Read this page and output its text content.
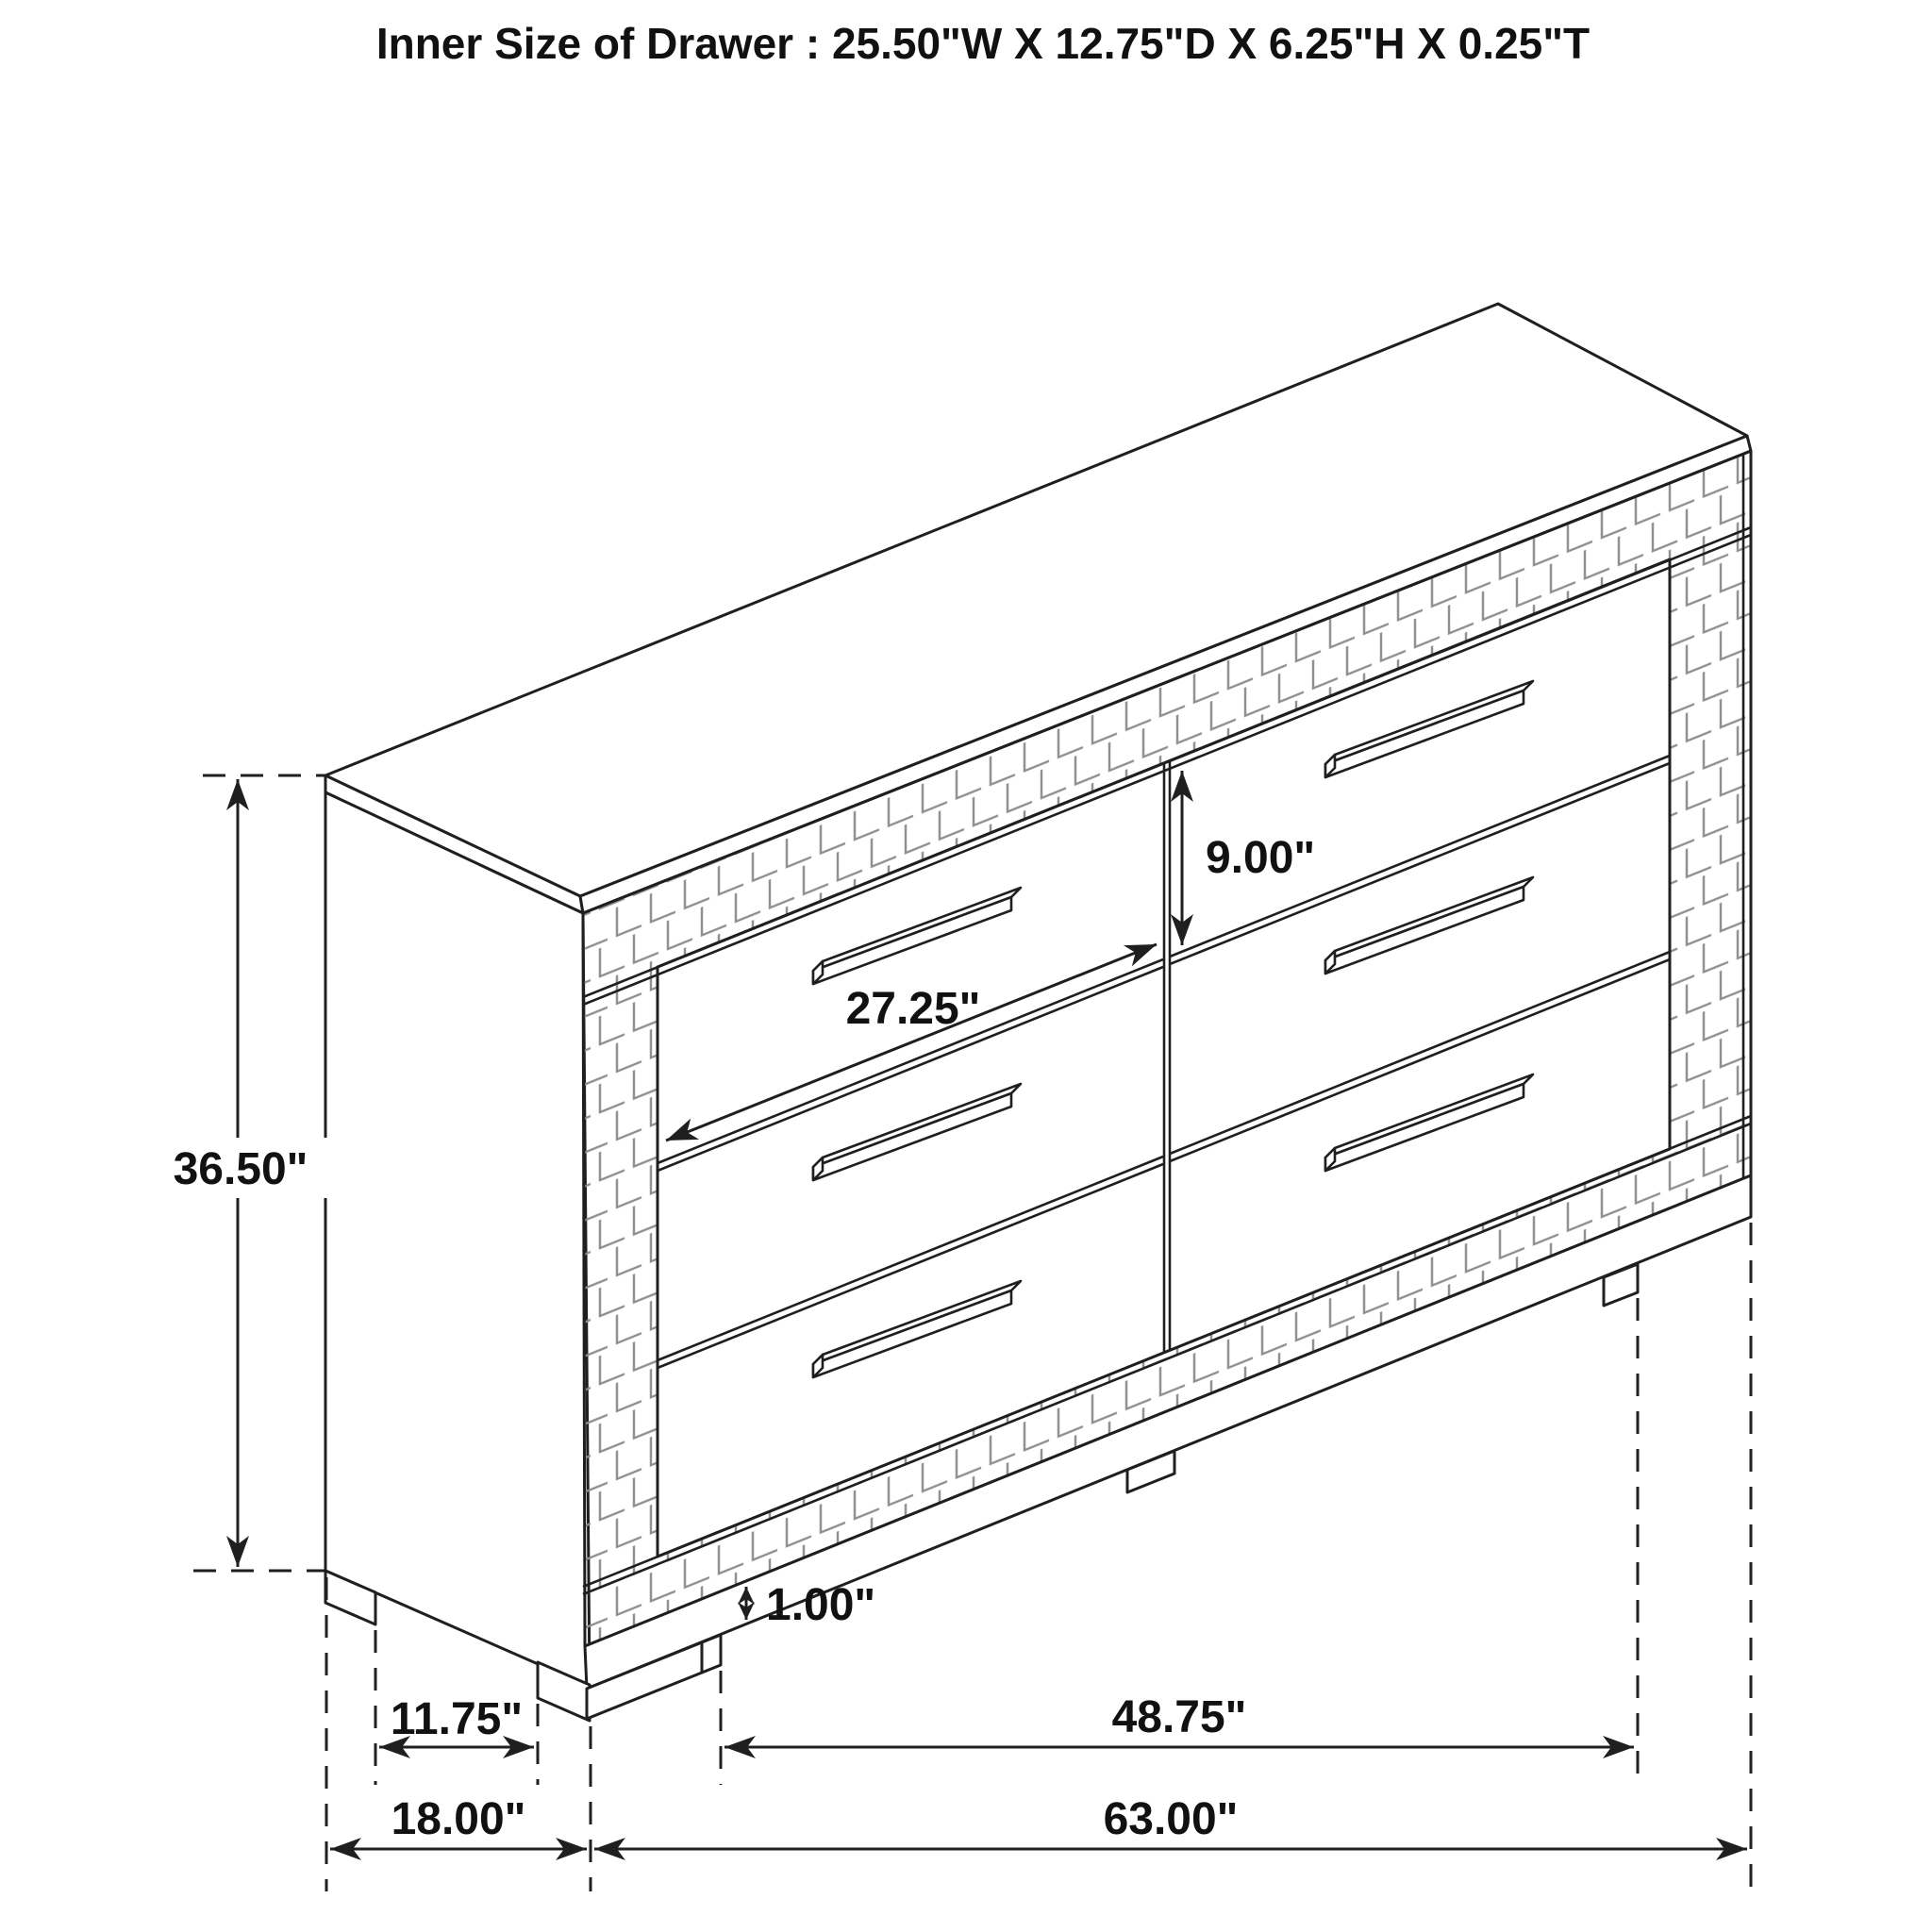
36.50"
9.00"
27.25"
1.00"
11.75"	48.75"
18.00"	63.00"
Inner Size of Drawer : 25.50"W X 12.75"D X 6.25"H X 0.25"T
